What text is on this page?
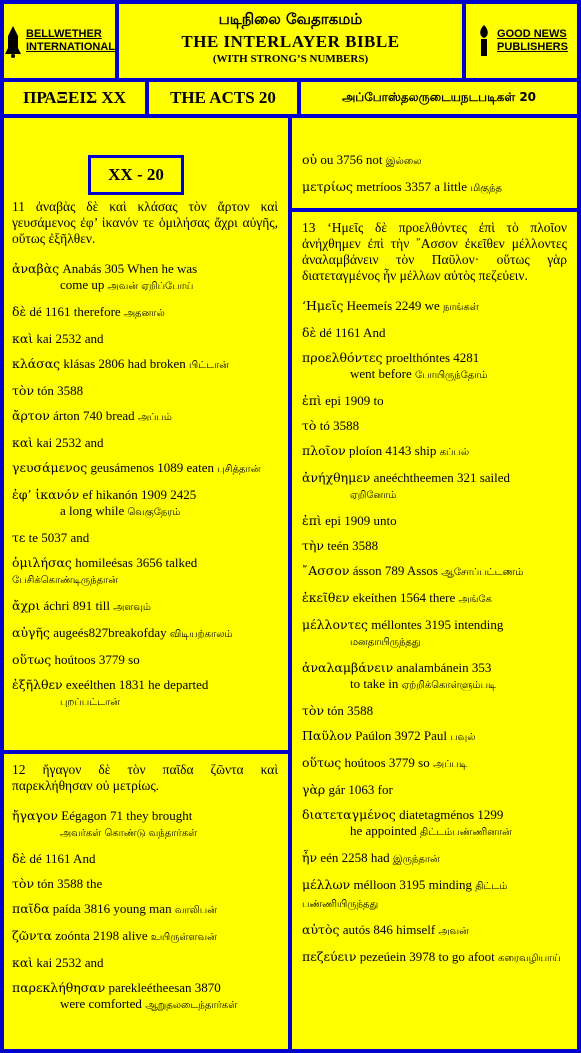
BELLWETHER
INTERNATIONAL
படிநிலை வேதாகமம்
THE INTERLAYER BIBLE
(WITH STRONG’S NUMBERS)
GOOD NEWS
PUBLISHERS
ΠΡΑΞΕΙΣ XX	THE ACTS 20	அப்போஸ்தலருடையநடபடிகள் 20
XX - 20
11 ἀναβὰς δὲ καὶ κλάσας τὸν ἄρτον καὶ γευσάμενος ἐφ’ ἱκανόν τε ὁμιλήσας ἄχρι αὐγῆς, οὕτως ἐξῆλθεν.
ἀναβὰς Anabás 305 When he was
come up அவன் ஏறிப்போய்
δὲ dé 1161 therefore அதனால்
καὶ kai 2532 and
κλάσας klásas 2806 had broken பிட்டான்
τὸν tón 3588
ἄρτον árton 740 bread அப்பம்
καὶ kai 2532 and
γευσάμενος geusámenos 1089 eaten புசித்தான்
ἐφ’ ἱκανόν ef hikanón 1909 2425
a long while வெகுநேரம்
τε te 5037 and
ὁμιλήσας homileésas 3656 talked பேசிக்கொண்டிருந்தான்
ἄχρι áchri 891 till அளவும்
αὐγῆς augeés827breakofday விடியற்காலம்
οὕτως hoútoos 3779 so
ἐξῆλθεν exeélthen 1831 he departed
புறப்பட்டான்
12 ἤγαγον δὲ τὸν παῖδα ζῶντα καὶ παρεκλήθησαν οὐ μετρίως.
ἤγαγον Eégagon 71 they brought
அவர்கள் கொண்டு வந்தார்கள்
δὲ dé 1161 And
τὸν tón 3588 the
παῖδα paída 3816 young man வாலிபன்
ζῶντα zoónta 2198 alive உயிருள்ளவன்
καὶ kai 2532 and
παρεκλήθησαν parekleétheesan 3870
were comforted ஆறுதலடைந்தார்கள்
οὐ ou 3756 not இல்லை
μετρίως metríoos 3357 a little மிகுந்த
13 ‘Ημεῖς δὲ προελθόντες ἐπὶ τὸ πλοῖον ἀνήχθημεν ἐπὶ τὴν ῎Ασσον ἐκεῖθεν μέλλοντες ἀναλαμβάνειν τὸν Παῦλον· οὕτως γὰρ διατεταγμένος ἦν μέλλων αὐτὸς πεζεύειν.
‘Ημεῖς Heemeís 2249 we நாங்கள்
δὲ dé 1161 And
προελθόντες proelthóntes 4281
went before போயிருந்தோம்
ἐπὶ epi 1909 to
τὸ tó 3588
πλοῖον ploíon 4143 ship கப்பல்
ἀνήχθημεν aneéchtheemen 321 sailed
ஏறினோம்
ἐπὶ epi 1909 unto
τὴν teén 3588
῎Ασσον ásson 789 Assos ஆசோப்பட்டணம்
ἐκεῖθεν ekeíthen 1564 there அங்கே
μέλλοντες méllontes 3195 intending
மனதாயிருந்தது
ἀναλαμβάνειν analambánein 353
to take in ஏற்றிக்கொள்ளும்படி
τὸν tón 3588
Παῦλον Paúlon 3972 Paul பவுல்
οὕτως hoútoos 3779 so அப்படி
γὰρ gár 1063 for
διατεταγμένος diatetagménos 1299
he appointed திட்டம்பண்ணினான்
ἦν eén 2258 had இருந்தான்
μέλλων mélloon 3195 minding திட்டம் பண்ணியிருந்தது
αὐτὸς autós 846 himself அவன்
πεζεύειν pezeúein 3978 to go afoot கரைவழியாய்
